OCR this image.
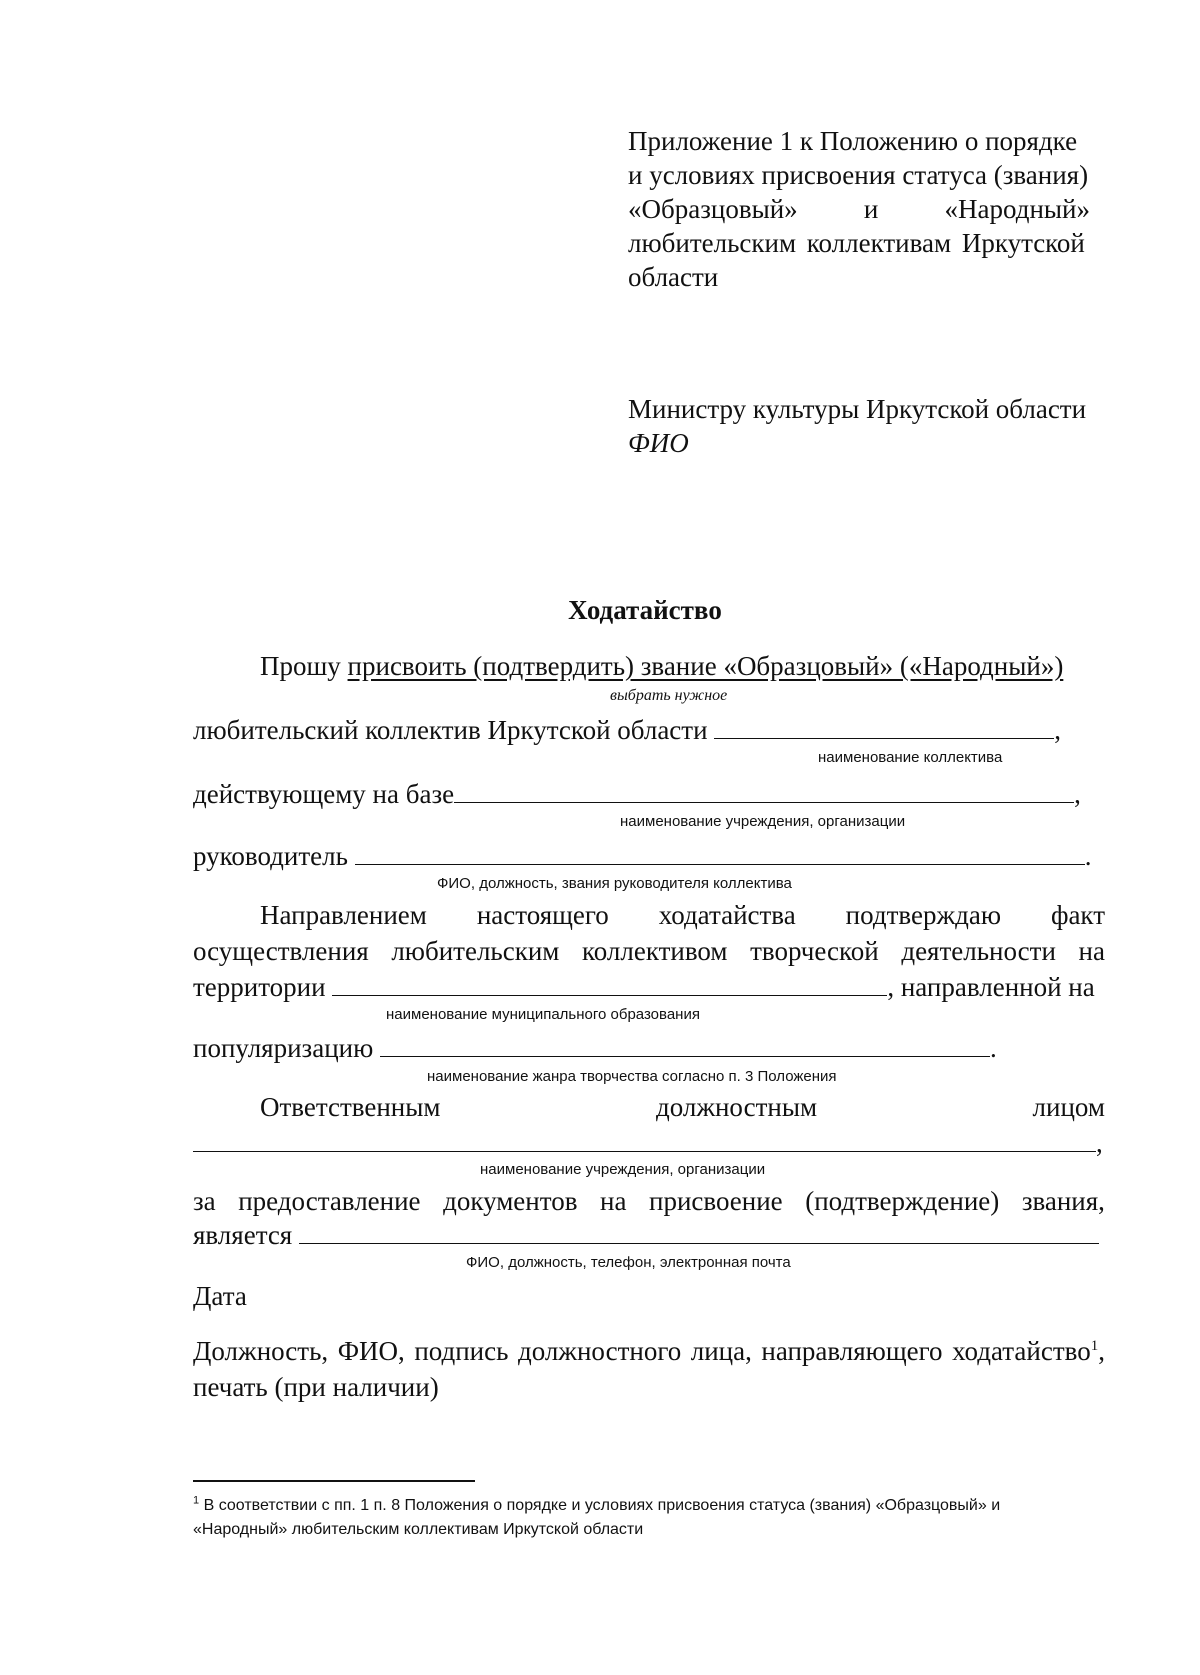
Приложение 1 к Положению о порядке
и условиях присвоения статуса (звания)
«Образцовый» и «Народный»
любительским коллективам Иркутской
области
Министру культуры Иркутской области
ФИО
Ходатайство
Прошу присвоить (подтвердить) звание «Образцовый» («Народный»)
выбрать нужное
любительский коллектив Иркутской области	,
наименование коллектива
действующему на базе	,
наименование учреждения, организации
руководитель	.
ФИО, должность, звания руководителя коллектива
Направлением настоящего ходатайства подтверждаю факт
осуществления любительским коллективом творческой деятельности на
территории	, направленной на
наименование муниципального образования
популяризацию	.
наименование жанра творчества согласно п. 3 Положения
Ответственным	должностным	лицом
,
наименование учреждения, организации
за предоставление документов на присвоение (подтверждение) звания,
является
ФИО, должность, телефон, электронная почта
Дата
Должность, ФИО, подпись должностного лица, направляющего ходатайство$^1$,
печать (при наличии)
$^1$ В соответствии с пп. 1 п. 8 Положения о порядке и условиях присвоения статуса (звания) «Образцовый» и
«Народный» любительским коллективам Иркутской области
